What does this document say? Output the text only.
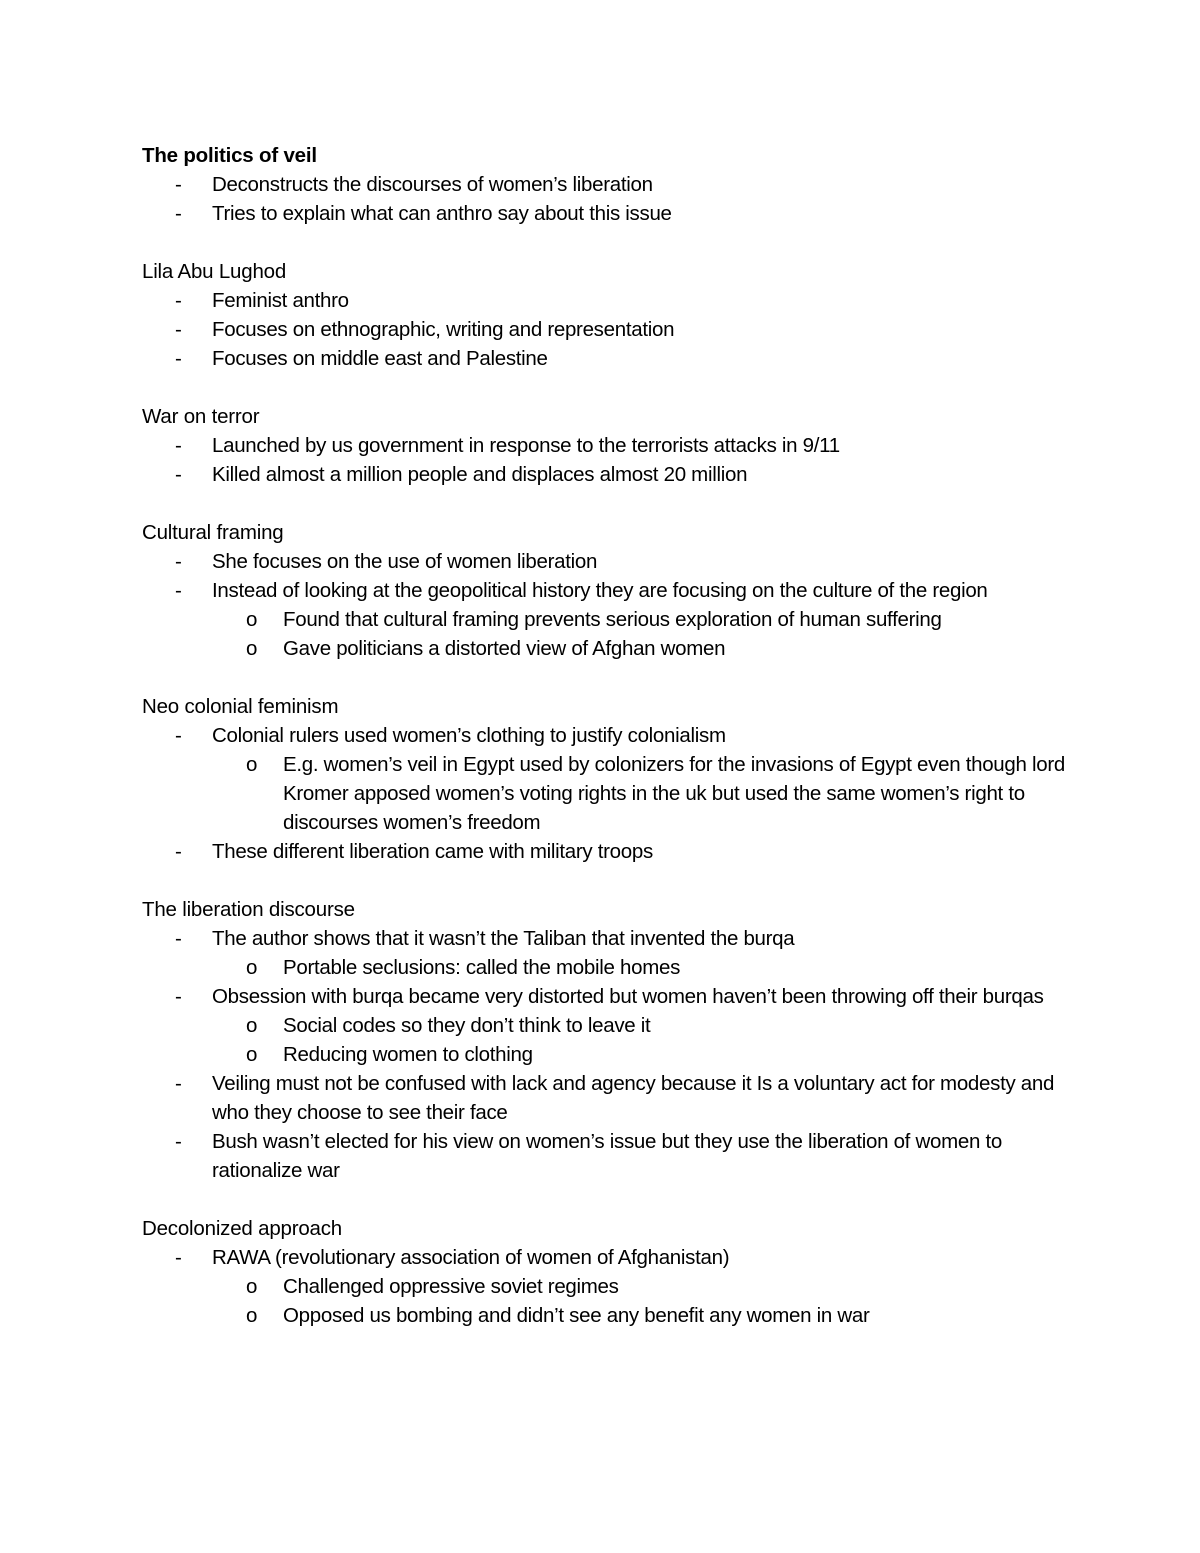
The politics of veil
- Deconstructs the discourses of women’s liberation
- Tries to explain what can anthro say about this issue
Lila Abu Lughod
- Feminist anthro
- Focuses on ethnographic, writing and representation
- Focuses on middle east and Palestine
War on terror
- Launched by us government in response to the terrorists attacks in 9/11
- Killed almost a million people and displaces almost 20 million
Cultural framing
- She focuses on the use of women liberation
- Instead of looking at the geopolitical history they are focusing on the culture of the region
o Found that cultural framing prevents serious exploration of human suffering
o Gave politicians a distorted view of Afghan women
Neo colonial feminism
- Colonial rulers used women’s clothing to justify colonialism
o E.g. women’s veil in Egypt used by colonizers for the invasions of Egypt even though lord Kromer apposed women’s voting rights in the uk but used the same women’s right to discourses women’s freedom
- These different liberation came with military troops
The liberation discourse
- The author shows that it wasn’t the Taliban that invented the burqa
o Portable seclusions: called the mobile homes
- Obsession with burqa became very distorted but women haven’t been throwing off their burqas
o Social codes so they don’t think to leave it
o Reducing women to clothing
- Veiling must not be confused with lack and agency because it Is a voluntary act for modesty and who they choose to see their face
- Bush wasn’t elected for his view on women’s issue but they use the liberation of women to rationalize war
Decolonized approach
- RAWA (revolutionary association of women of Afghanistan)
o Challenged oppressive soviet regimes
o Opposed us bombing and didn’t see any benefit any women in war
